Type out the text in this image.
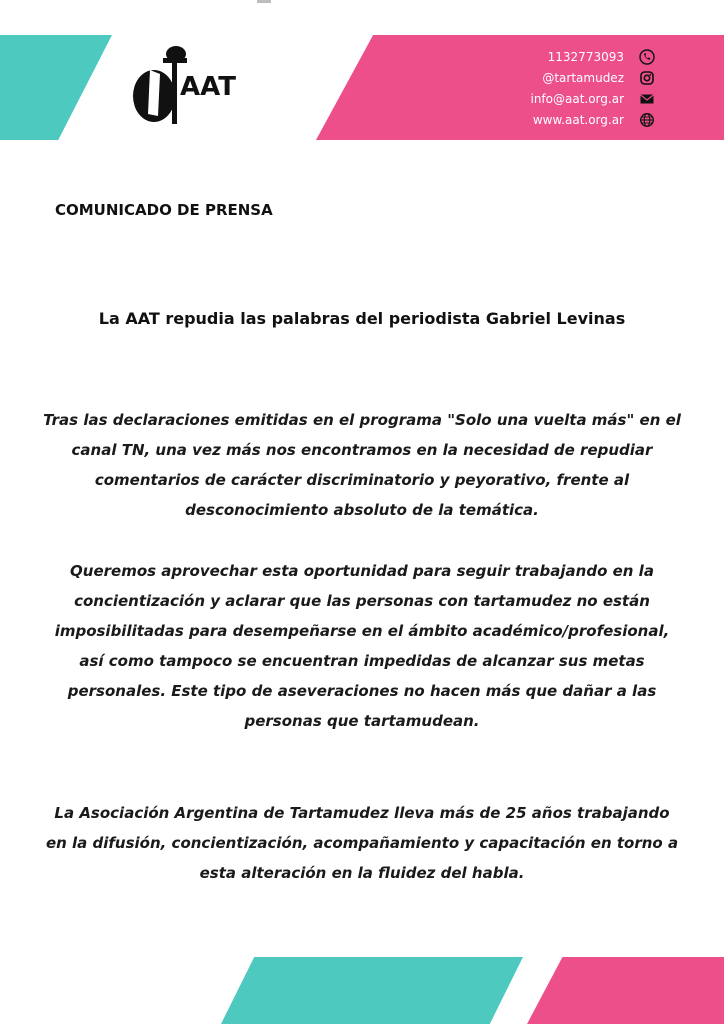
AAT
1132773093
@tartamudez
info@aat.org.ar
www.aat.org.ar
COMUNICADO DE PRENSA
La AAT repudia las palabras del periodista Gabriel Levinas

Tras las declaraciones emitidas en el programa "Solo una vuelta más" en el canal TN, una vez más nos encontramos en la necesidad de repudiar comentarios de carácter discriminatorio y peyorativo, frente al desconocimiento absoluto de la temática.

Queremos aprovechar esta oportunidad para seguir trabajando en la concientización y aclarar que las personas con tartamudez no están imposibilitadas para desempeñarse en el ámbito académico/profesional, así como tampoco se encuentran impedidas de alcanzar sus metas personales. Este tipo de aseveraciones no hacen más que dañar a las personas que tartamudean.

La Asociación Argentina de Tartamudez lleva más de 25 años trabajando en la difusión, concientización, acompañamiento y capacitación en torno a esta alteración en la fluidez del habla.
